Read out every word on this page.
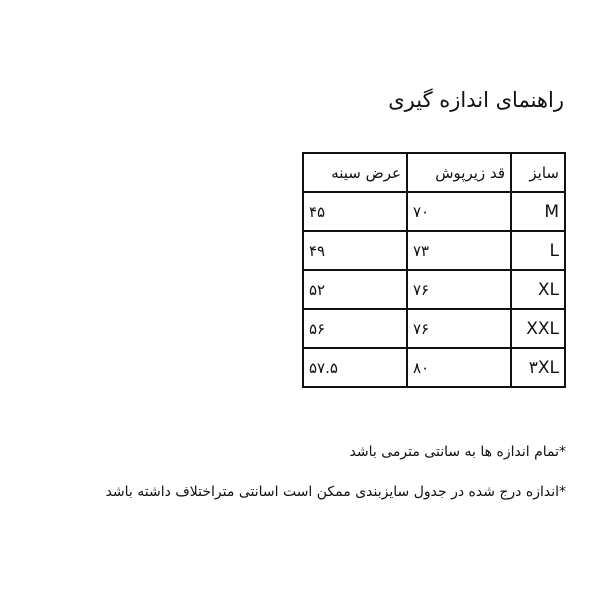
راهنمای اندازه گیری
سایز	قد زیرپوش	عرض سینه
M	۷۰	۴۵
L	۷۳	۴۹
XL	۷۶	۵۲
XXL	۷۶	۵۶
۳XL	۸۰	۵۷.۵

*تمام اندازه ها به سانتی مترمی باشد

*اندازه درج شده در جدول سایزبندی ممکن است اسانتی متراختلاف داشته باشد
